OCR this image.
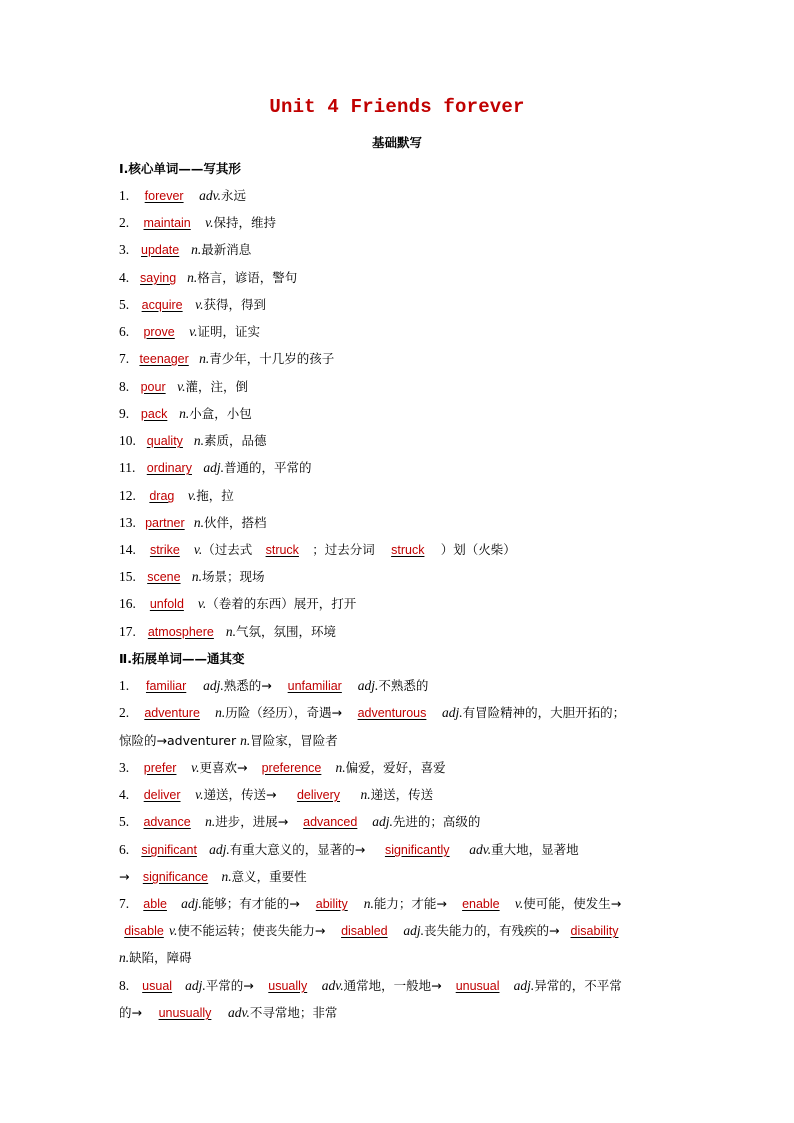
Unit 4 Friends forever
基础默写
Ⅰ.核心单词——写其形
1. forever adv.永远
2. maintain v.保持，维持
3. update n.最新消息
4. saying n.格言，谚语，警句
5. acquire v.获得，得到
6. prove v.证明，证实
7. teenager n.青少年，十几岁的孩子
8. pour v.灌，注，倒
9. pack n.小盒，小包
10. quality n.素质，品德
11. ordinary adj.普通的，平常的
12. drag v.拖，拉
13. partner n.伙伴，搭档
15. scene n.场景；现场
16. unfold v.（卷着的东西）展开，打开
17. atmosphere n.气氛，氛围，环境
14. strike v.（过去式 struck ；过去分词 struck ）划（火柴）
Ⅱ.拓展单词——通其变
1. familiar adj.熟悉的→ unfamiliar adj.不熟悉的
2. adventure n.历险（经历），奇遇→ adventurous adj.有冒险精神的，大胆开拓的；
惊险的→adventurer n.冒险家，冒险者
3. prefer v.更喜欢→ preference n.偏爱，爱好，喜爱
4. deliver v.递送，传送→ delivery n.递送，传送
5. advance n.进步，进展→ advanced adj.先进的；高级的
6. significant adj.有重大意义的，显著的→ significantly adv.重大地，显著地
→ significance n.意义，重要性
7. able adj.能够；有才能的→ ability n.能力；才能→ enable v.使可能，使发生→
disable v.使不能运转；使丧失能力→ disabled adj.丧失能力的，有残疾的→ disability
n.缺陷，障碍
8. usual adj.平常的→ usually adv.通常地，一般地→ unusual adj.异常的，不平常
的→ unusually adv.不寻常地；非常
